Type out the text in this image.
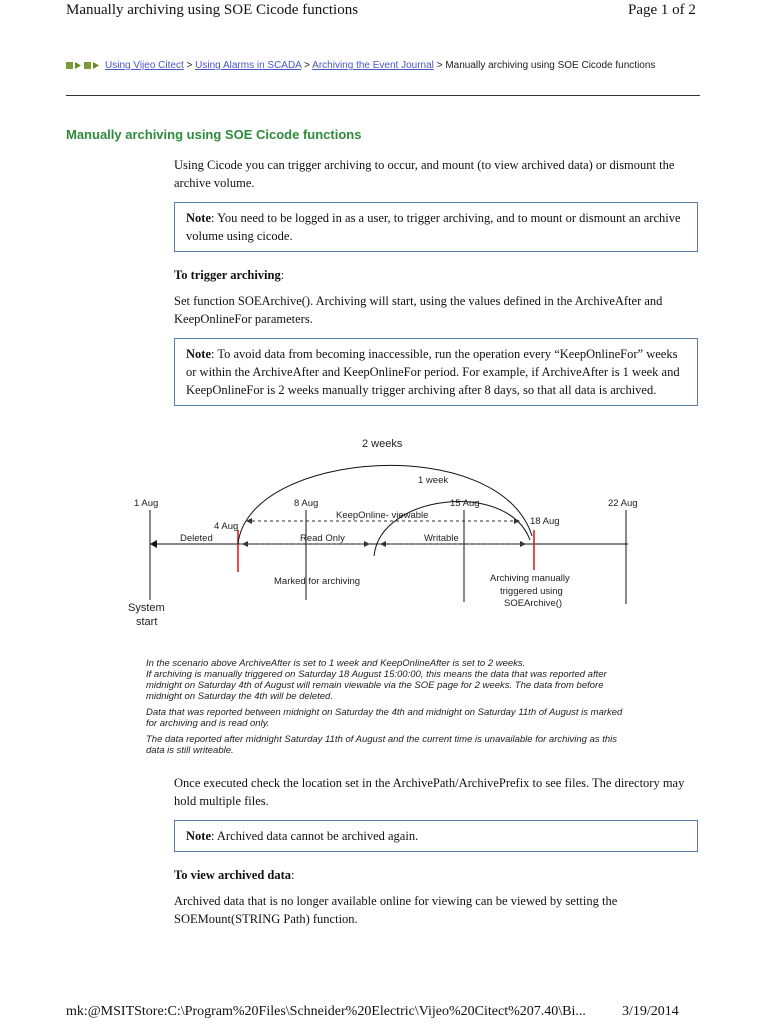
Manually archiving using SOE Cicode functions	Page 1 of 2
Using Vijeo Citect > Using Alarms in SCADA > Archiving the Event Journal > Manually archiving using SOE Cicode functions
Manually archiving using SOE Cicode functions
Using Cicode you can trigger archiving to occur, and mount (to view archived data) or dismount the archive volume.
Note: You need to be logged in as a user, to trigger archiving, and to mount or dismount an archive volume using cicode.
To trigger archiving:
Set function SOEArchive(). Archiving will start, using the values defined in the ArchiveAfter and KeepOnlineFor parameters.
Note: To avoid data from becoming inaccessible, run the operation every “KeepOnlineFor” weeks or within the ArchiveAfter and KeepOnlineFor period. For example, if ArchiveAfter is 1 week and KeepOnlineFor is 2 weeks manually trigger archiving after 8 days, so that all data is archived.
2 weeks
1 week
1 Aug	8 Aug	15 Aug	22 Aug
4 Aug	18 Aug
KeepOnline- viewable
Deleted	Read Only	Writable
Marked for archiving	Archiving manually
triggered using
SOEArchive()
System
start

In the scenario above ArchiveAfter is set to 1 week and KeepOnlineAfter is set to 2 weeks.

If archiving is manually triggered on Saturday 18 August 15:00:00, this means the data that was reported after midnight on Saturday 4th of August will remain viewable via the SOE page for 2 weeks. The data from before midnight on Saturday the 4th will be deleted.

Data that was reported between midnight on Saturday the 4th and midnight on Saturday 11th of August is marked for archiving and is read only.

The data reported after midnight Saturday 11th of August and the current time is unavailable for archiving as this data is still writeable.

Once executed check the location set in the ArchivePath/ArchivePrefix to see files. The directory may hold multiple files.
Note: Archived data cannot be archived again.
To view archived data:
Archived data that is no longer available online for viewing can be viewed by setting the SOEMount(STRING Path) function.
mk:@MSITStore:C:\Program%20Files\Schneider%20Electric\Vijeo%20Citect%207.40\Bi...	3/19/2014
